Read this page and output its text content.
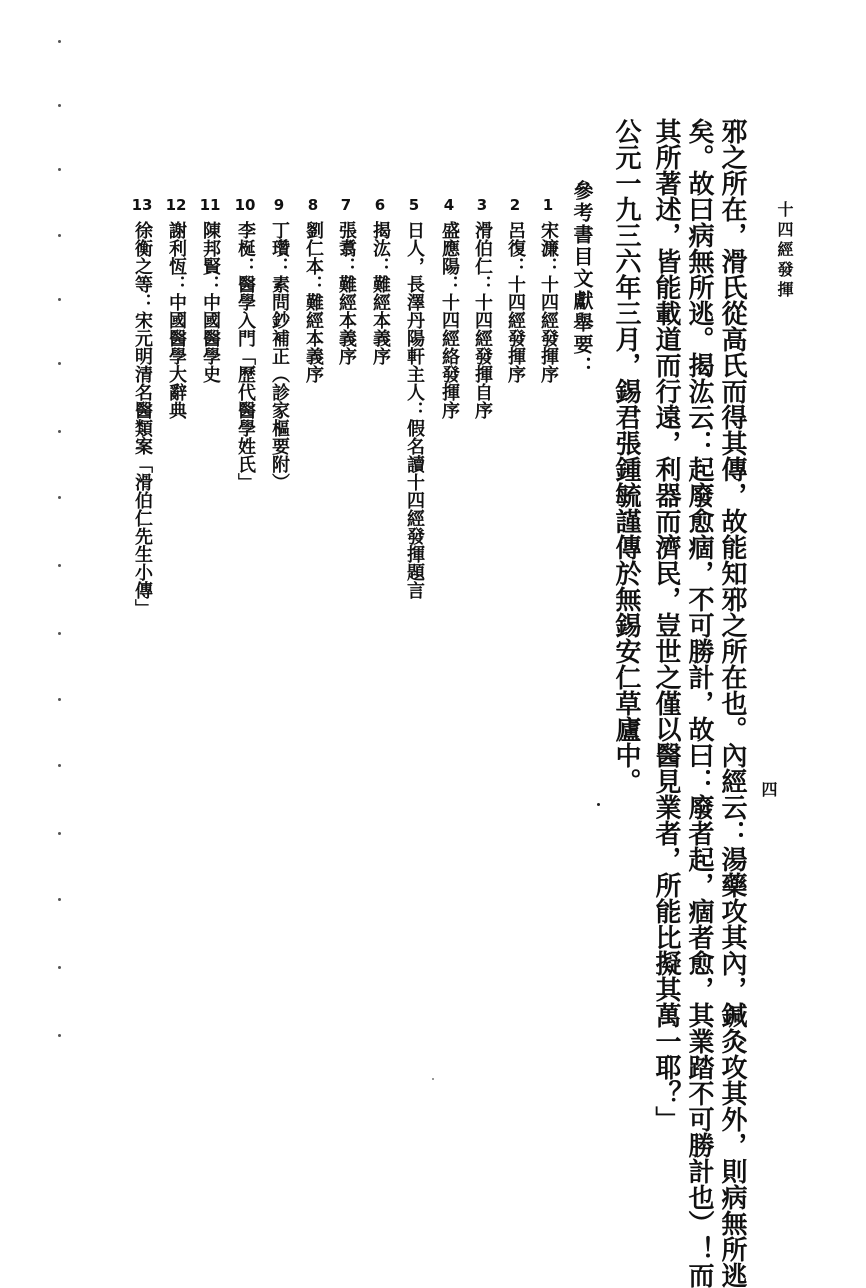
十四經發揮
四
邪之所在，滑氏從高氏而得其傳，故能知邪之所在也。內經云：湯藥攻其內，鍼灸攻其外，則病無所逃
矣。故曰病無所逃。揭汯云：起廢愈痼，不可勝計，故曰：廢者起，痼者愈，其業踏不可勝計也）！而
其所著述，皆能載道而行遠，利器而濟民，豈世之僅以醫見業者，所能比擬其萬一耶？」
公元一九三六年三月，錫君張鍾毓謹傳於無錫安仁草廬中。
參考書目文獻舉要：
1
宋濂：十四經發揮序
2
呂復：十四經發揮序
3
滑伯仁：十四經發揮自序
4
盛應陽：十四經絡發揮序
5
日人，長澤丹陽軒主人：假名讀十四經發揮題言
6
揭汯：難經本義序
7
張翥：難經本義序
8
劉仁本：難經本義序
9
丁瓚：素問鈔補正（診家樞要附）
10
李梴：醫學入門「歷代醫學姓氏」
11
陳邦賢：中國醫學史
12
謝利恆：中國醫學大辭典
13
徐衡之等：宋元明清名醫類案「滑伯仁先生小傳」
